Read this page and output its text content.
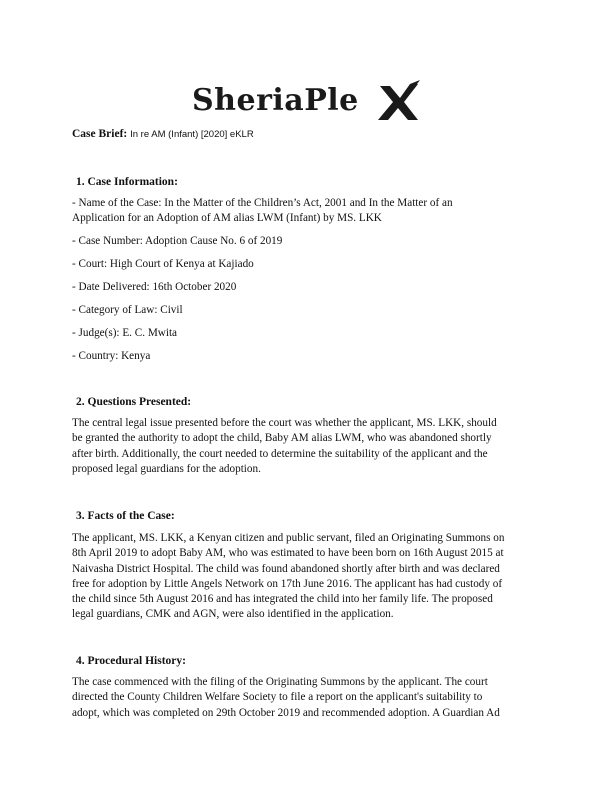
SheriaPle
Case Brief: In re AM (Infant) [2020] eKLR
1. Case Information:
- Name of the Case: In the Matter of the Children’s Act, 2001 and In the Matter of an
Application for an Adoption of AM alias LWM (Infant) by MS. LKK
- Case Number: Adoption Cause No. 6 of 2019
- Court: High Court of Kenya at Kajiado
- Date Delivered: 16th October 2020
- Category of Law: Civil
- Judge(s): E. C. Mwita
- Country: Kenya
2. Questions Presented:
The central legal issue presented before the court was whether the applicant, MS. LKK, should
be granted the authority to adopt the child, Baby AM alias LWM, who was abandoned shortly
after birth. Additionally, the court needed to determine the suitability of the applicant and the
proposed legal guardians for the adoption.
3. Facts of the Case:
The applicant, MS. LKK, a Kenyan citizen and public servant, filed an Originating Summons on
8th April 2019 to adopt Baby AM, who was estimated to have been born on 16th August 2015 at
Naivasha District Hospital. The child was found abandoned shortly after birth and was declared
free for adoption by Little Angels Network on 17th June 2016. The applicant has had custody of
the child since 5th August 2016 and has integrated the child into her family life. The proposed
legal guardians, CMK and AGN, were also identified in the application.
4. Procedural History:
The case commenced with the filing of the Originating Summons by the applicant. The court
directed the County Children Welfare Society to file a report on the applicant's suitability to
adopt, which was completed on 29th October 2019 and recommended adoption. A Guardian Ad
